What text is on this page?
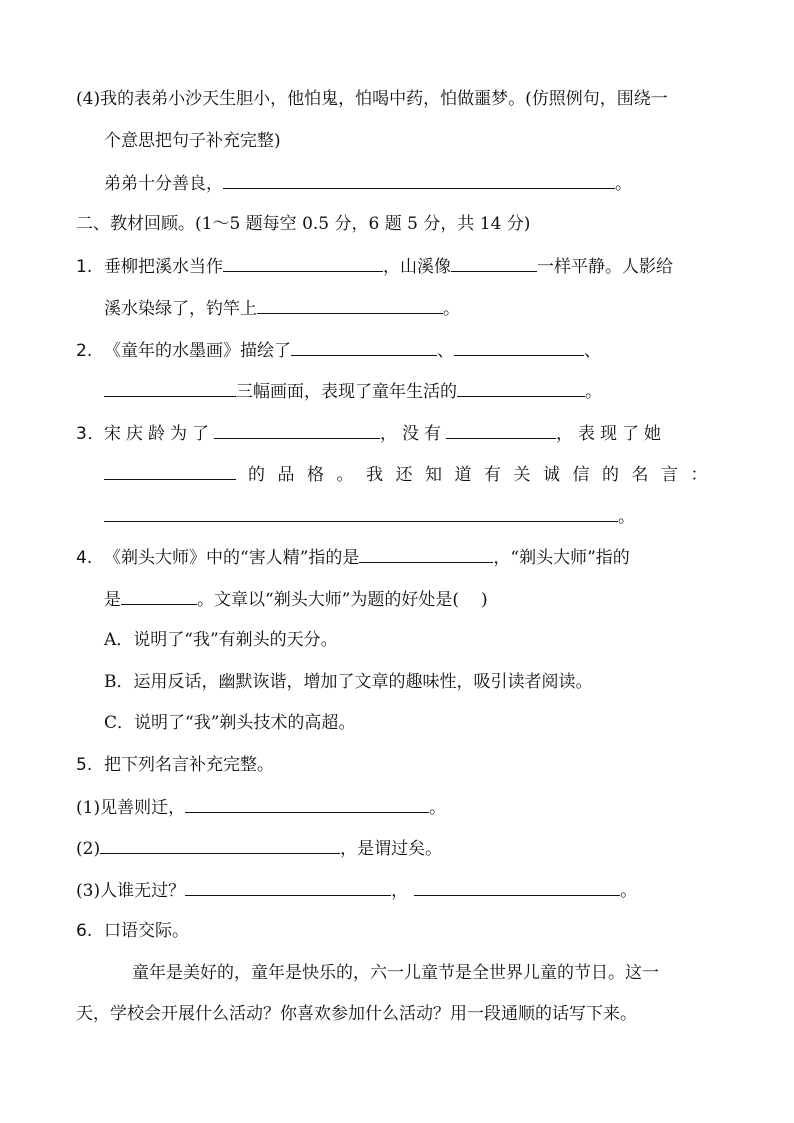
(4)我的表弟小沙天生胆小，他怕鬼，怕喝中药，怕做噩梦。(仿照例句，围绕一
个意思把句子补充完整)
弟弟十分善良，	。
二、教材回顾。(1～5 题每空 0.5 分，6 题 5 分，共 14 分)
1. 垂柳把溪水当作	，山溪像	一样平静。人影给
溪水染绿了，钓竿上	。
2. 《童年的水墨画》描绘了	、	、
三幅画面，表现了童年生活的	。
3．宋庆龄为了	，没有	，表现了她
的品格。我还知道有关诚信的名言：
。
4. 《剃头大师》中的“害人精”指的是	，“剃头大师”指的
是	。文章以“剃头大师”为题的好处是( )
A．说明了“我”有剃头的天分。
B．运用反话，幽默诙谐，增加了文章的趣味性，吸引读者阅读。
C．说明了“我”剃头技术的高超。
5. 把下列名言补充完整。
(1)见善则迁，	。
(2)	，是谓过矣。
(3)人谁无过？	，	。
6. 口语交际。
童年是美好的，童年是快乐的，六一儿童节是全世界儿童的节日。这一
天，学校会开展什么活动？你喜欢参加什么活动？用一段通顺的话写下来。
